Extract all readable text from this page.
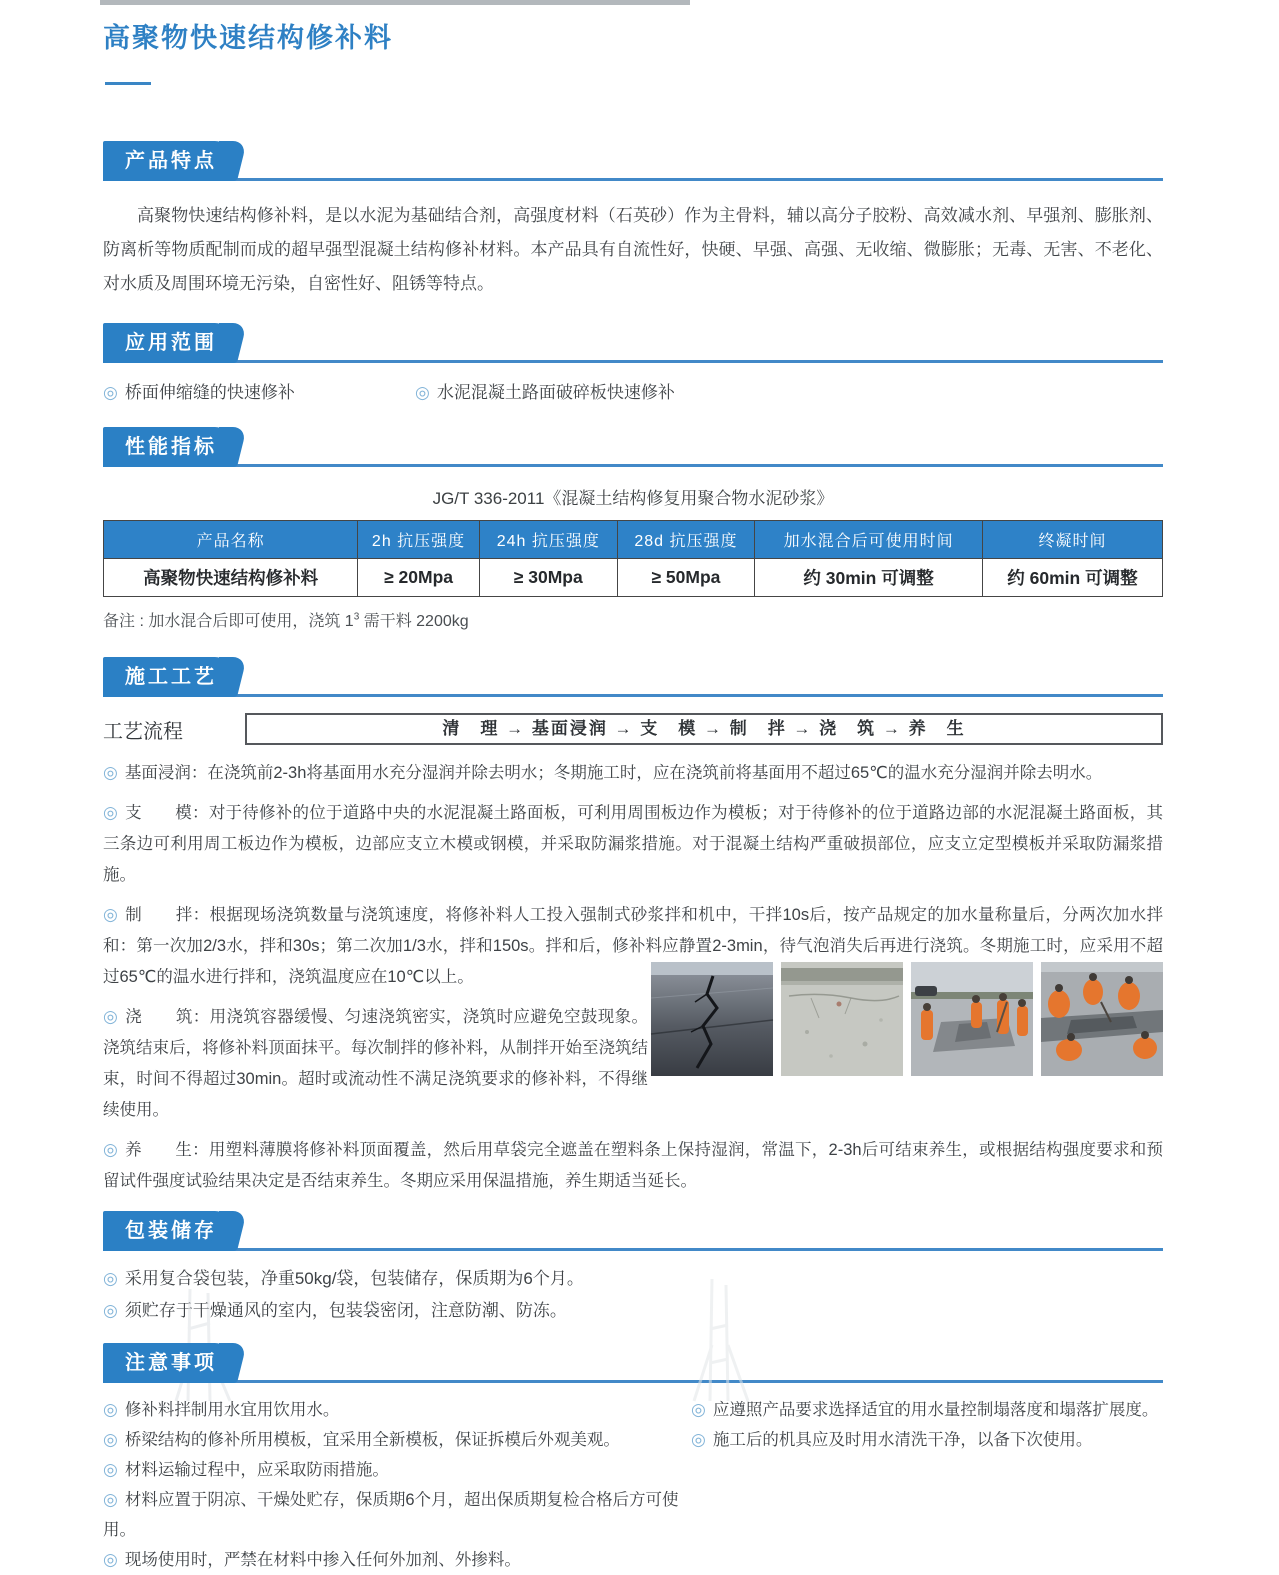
高聚物快速结构修补料
产品特点

高聚物快速结构修补料，是以水泥为基础结合剂，高强度材料（石英砂）作为主骨料，辅以高分子胶粉、高效减水剂、早强剂、膨胀剂、防离析等物质配制而成的超早强型混凝土结构修补材料。本产品具有自流性好，快硬、早强、高强、无收缩、微膨胀；无毒、无害、不老化、对水质及周围环境无污染，自密性好、阻锈等特点。

应用范围
◎ 桥面伸缩缝的快速修补	◎ 水泥混凝土路面破碎板快速修补
性能指标

JG/T 336-2011《混凝土结构修复用聚合物水泥砂浆》

产品名称	2h 抗压强度	24h 抗压强度	28d 抗压强度	加水混合后可使用时间	终凝时间
高聚物快速结构修补料	≥ 20Mpa	≥ 30Mpa	≥ 50Mpa	约 30min 可调整	约 60min 可调整

备注 : 加水混合后即可使用，浇筑 $1^3$ 需干料 2200kg

施工工艺
工艺流程	清　理 → 基面浸润 → 支　模 → 制　拌 → 浇　筑 → 养　生

◎ 基面浸润：在浇筑前2-3h将基面用水充分湿润并除去明水；冬期施工时，应在浇筑前将基面用不超过65℃的温水充分湿润并除去明水。

◎ 支　　模：对于待修补的位于道路中央的水泥混凝土路面板，可利用周围板边作为模板；对于待修补的位于道路边部的水泥混凝土路面板，其三条边可利用周工板边作为模板，边部应支立木模或钢模，并采取防漏浆措施。对于混凝土结构严重破损部位，应支立定型模板并采取防漏浆措施。

◎ 制　　拌：根据现场浇筑数量与浇筑速度，将修补料人工投入强制式砂浆拌和机中，干拌10s后，按产品规定的加水量称量后，分两次加水拌和：第一次加2/3水，拌和30s；第二次加1/3水，拌和150s。拌和后，修补料应静置2-3min，待气泡消失后再进行浇筑。冬期施工时，应采用不超过65℃的温水进行拌和，浇筑温度应在10℃以上。

◎ 浇　　筑：用浇筑容器缓慢、匀速浇筑密实，浇筑时应避免空鼓现象。浇筑结束后，将修补料顶面抹平。每次制拌的修补料，从制拌开始至浇筑结束，时间不得超过30min。超时或流动性不满足浇筑要求的修补料，不得继续使用。

◎ 养　　生：用塑料薄膜将修补料顶面覆盖，然后用草袋完全遮盖在塑料条上保持湿润，常温下，2-3h后可结束养生，或根据结构强度要求和预留试件强度试验结果决定是否结束养生。冬期应采用保温措施，养生期适当延长。

包装储存
◎ 采用复合袋包装，净重50kg/袋，包装储存，保质期为6个月。
◎ 须贮存于干燥通风的室内，包装袋密闭，注意防潮、防冻。
注意事项
◎ 修补料拌制用水宜用饮用水。
◎ 桥梁结构的修补所用模板，宜采用全新模板，保证拆模后外观美观。
◎ 材料运输过程中，应采取防雨措施。
◎ 材料应置于阴凉、干燥处贮存，保质期6个月，超出保质期复检合格后方可使用。
◎ 现场使用时，严禁在材料中掺入任何外加剂、外掺料。
◎ 应遵照产品要求选择适宜的用水量控制塌落度和塌落扩展度。
◎ 施工后的机具应及时用水清洗干净，以备下次使用。
